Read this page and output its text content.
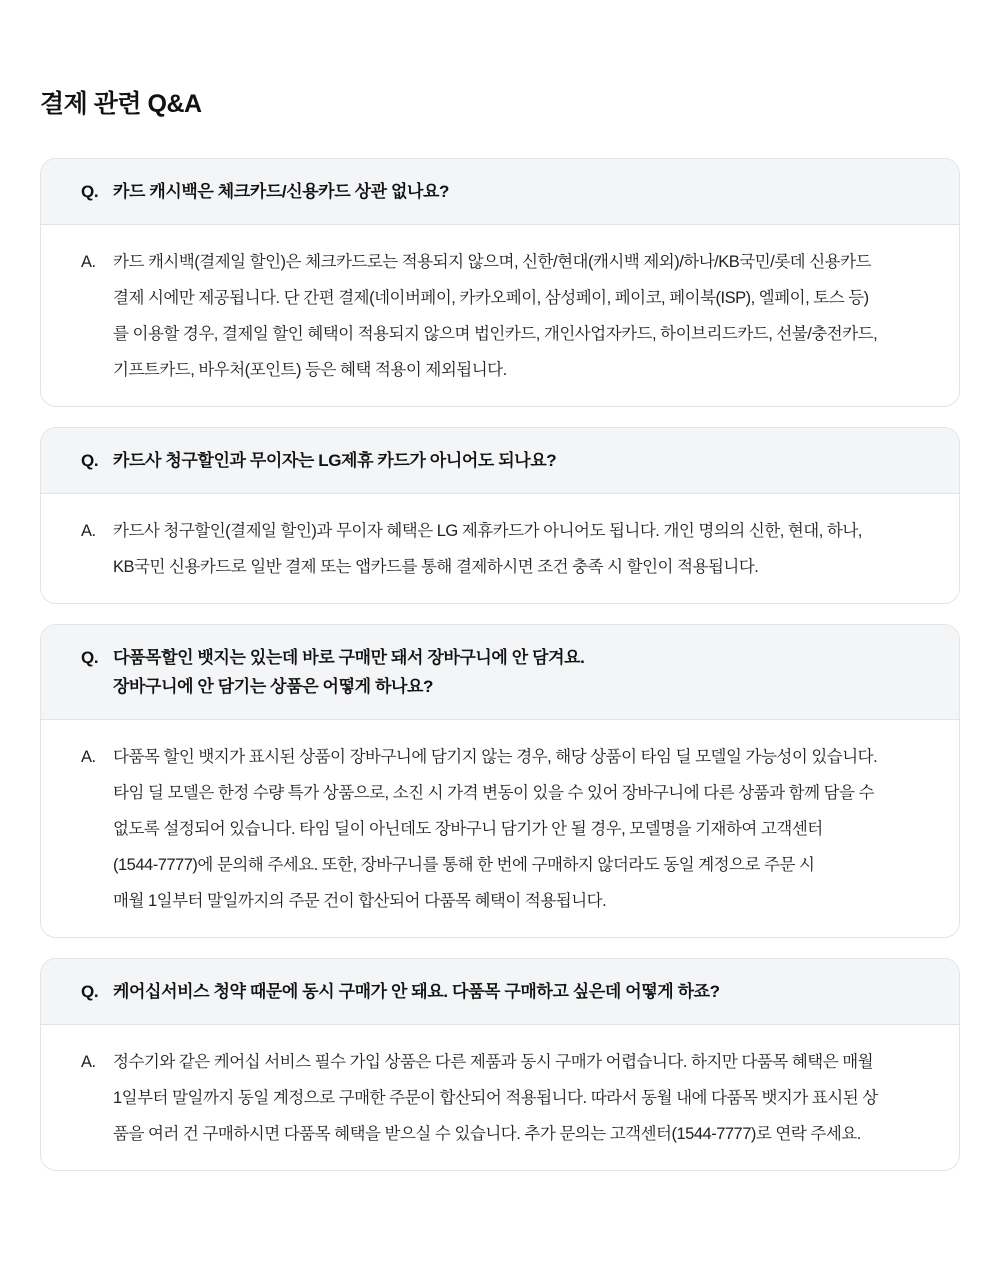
결제 관련 Q&A
Q. 카드 캐시백은 체크카드/신용카드 상관 없나요?
A.	카드 캐시백(결제일 할인)은 체크카드로는 적용되지 않으며, 신한/현대(캐시백 제외)/하나/KB국민/롯데 신용카드
결제 시에만 제공됩니다. 단 간편 결제(네이버페이, 카카오페이, 삼성페이, 페이코, 페이북(ISP), 엘페이, 토스 등)
를 이용할 경우, 결제일 할인 혜택이 적용되지 않으며 법인카드, 개인사업자카드, 하이브리드카드, 선불/충전카드,
기프트카드, 바우처(포인트) 등은 혜택 적용이 제외됩니다.
Q. 카드사 청구할인과 무이자는 LG제휴 카드가 아니어도 되나요?
A.	카드사 청구할인(결제일 할인)과 무이자 혜택은 LG 제휴카드가 아니어도 됩니다. 개인 명의의 신한, 현대, 하나,
KB국민 신용카드로 일반 결제 또는 앱카드를 통해 결제하시면 조건 충족 시 할인이 적용됩니다.
Q. 다품목할인 뱃지는 있는데 바로 구매만 돼서 장바구니에 안 담겨요.
장바구니에 안 담기는 상품은 어떻게 하나요?
A.	다품목 할인 뱃지가 표시된 상품이 장바구니에 담기지 않는 경우, 해당 상품이 타임 딜 모델일 가능성이 있습니다.
타임 딜 모델은 한정 수량 특가 상품으로, 소진 시 가격 변동이 있을 수 있어 장바구니에 다른 상품과 함께 담을 수
없도록 설정되어 있습니다. 타임 딜이 아닌데도 장바구니 담기가 안 될 경우, 모델명을 기재하여 고객센터
(1544-7777)에 문의해 주세요. 또한, 장바구니를 통해 한 번에 구매하지 않더라도 동일 계정으로 주문 시
매월 1일부터 말일까지의 주문 건이 합산되어 다품목 혜택이 적용됩니다.
Q. 케어십서비스 청약 때문에 동시 구매가 안 돼요. 다품목 구매하고 싶은데 어떻게 하죠?
A.	정수기와 같은 케어십 서비스 필수 가입 상품은 다른 제품과 동시 구매가 어렵습니다. 하지만 다품목 혜택은 매월
1일부터 말일까지 동일 계정으로 구매한 주문이 합산되어 적용됩니다. 따라서 동월 내에 다품목 뱃지가 표시된 상
품을 여러 건 구매하시면 다품목 혜택을 받으실 수 있습니다. 추가 문의는 고객센터(1544-7777)로 연락 주세요.
